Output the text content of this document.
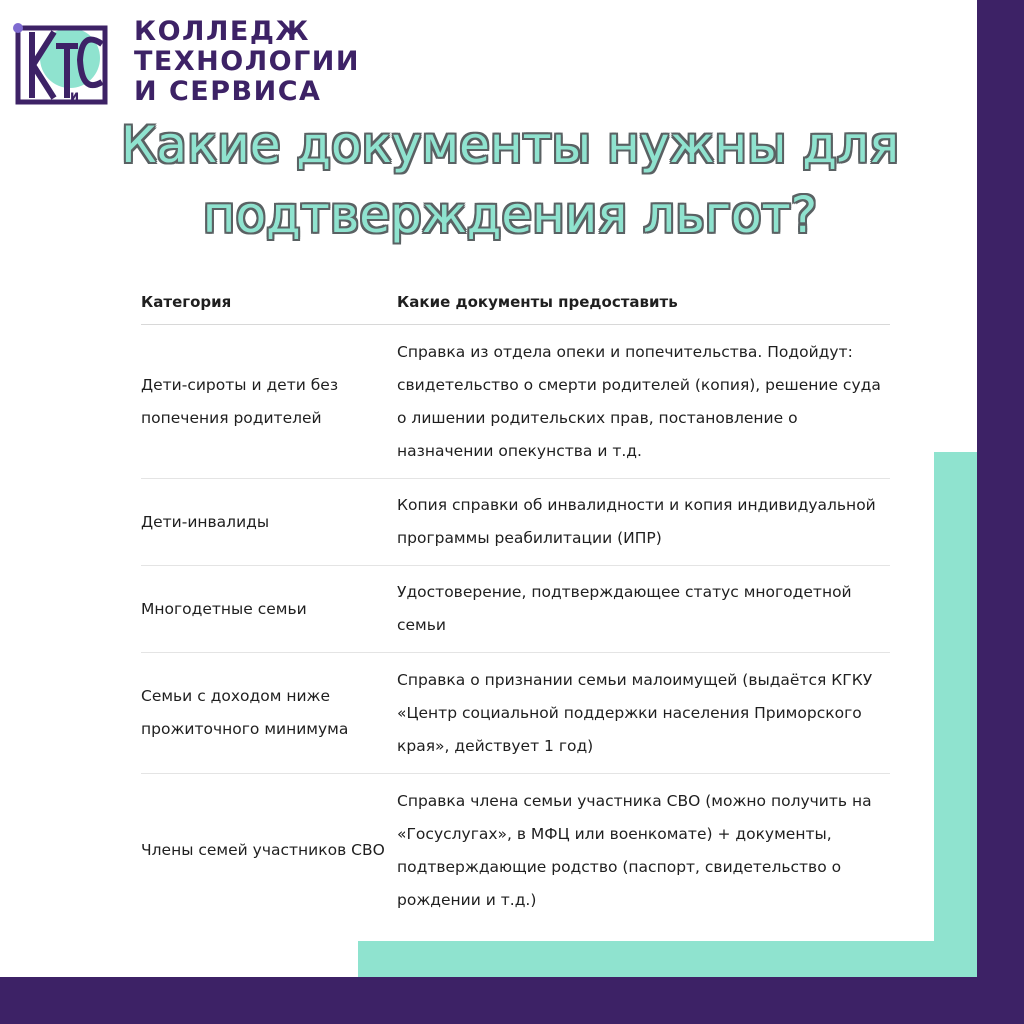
и
КОЛЛЕДЖ
ТЕХНОЛОГИИ
И СЕРВИСА
Какие документы нужны для
подтверждения льгот?
Категория	Какие документы предоставить
Дети-сироты и дети без попечения родителей
Справка из отдела опеки и попечительства. Подойдут: свидетельство о смерти родителей (копия), решение суда о лишении родительских прав, постановление о назначении опекунства и т.д.
Дети-инвалиды
Копия справки об инвалидности и копия индивидуальной программы реабилитации (ИПР)
Многодетные семьи
Удостоверение, подтверждающее статус многодетной семьи
Семьи с доходом ниже прожиточного минимума
Справка о признании семьи малоимущей (выдаётся КГКУ «Центр социальной поддержки населения Приморского края», действует 1 год)
Члены семей участников СВО
Справка члена семьи участника СВО (можно получить на «Госуслугах», в МФЦ или военкомате) + документы, подтверждающие родство (паспорт, свидетельство о рождении и т.д.)
